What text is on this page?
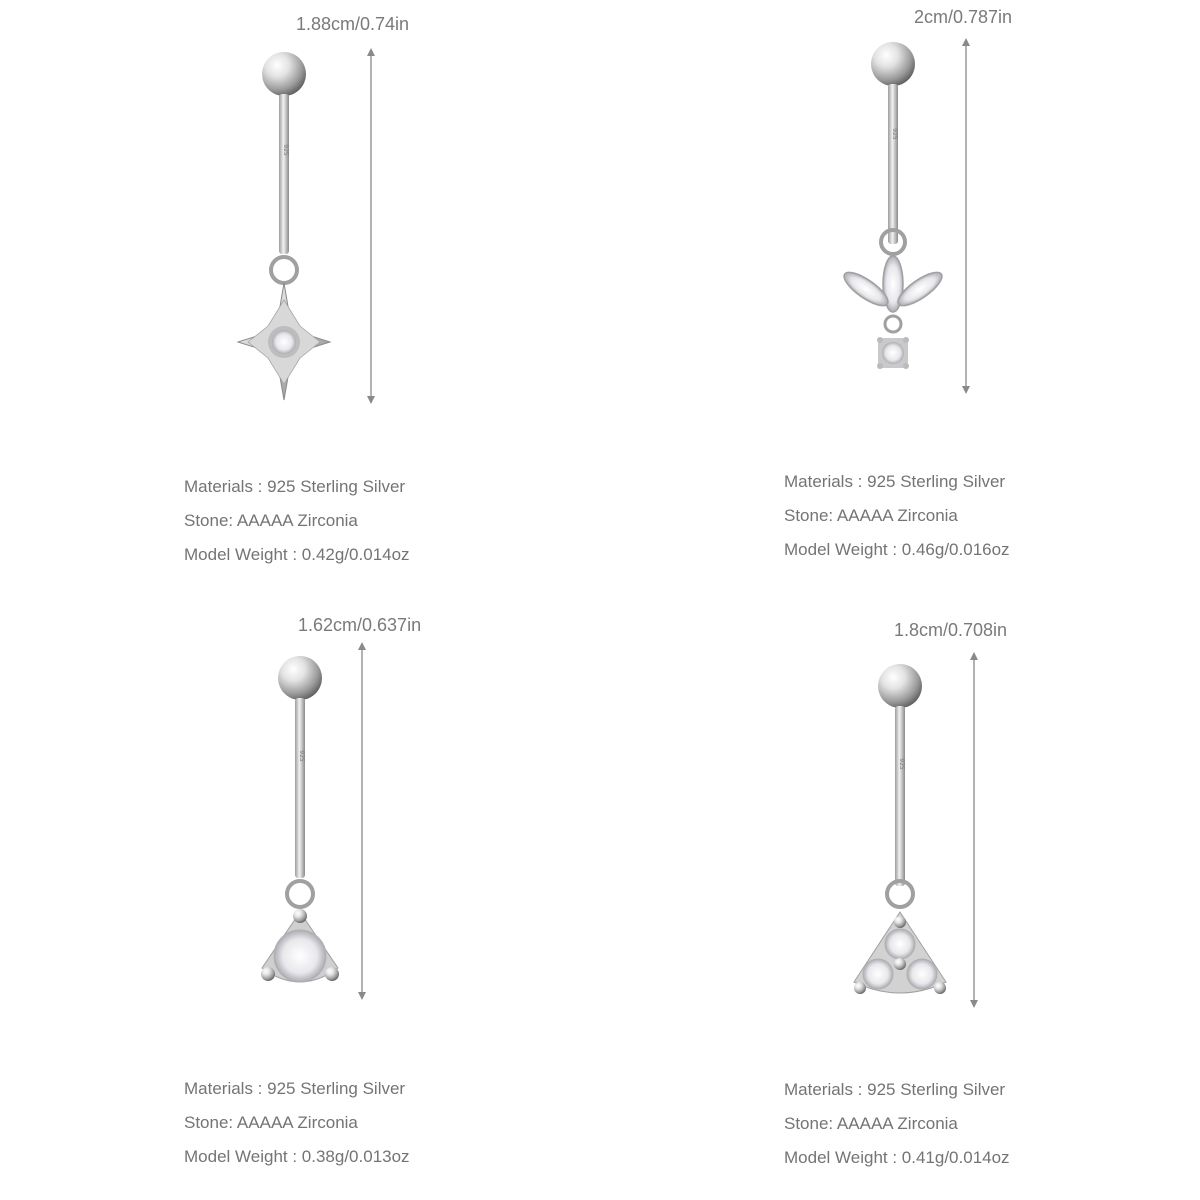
1.88cm/0.74in
925
Materials : 925 Sterling Silver
Stone: AAAAA Zirconia
Model Weight : 0.42g/0.014oz
2cm/0.787in
925
Materials : 925 Sterling Silver
Stone: AAAAA Zirconia
Model Weight : 0.46g/0.016oz
1.62cm/0.637in
925
Materials : 925 Sterling Silver
Stone: AAAAA Zirconia
Model Weight : 0.38g/0.013oz
1.8cm/0.708in
925
Materials : 925 Sterling Silver
Stone: AAAAA Zirconia
Model Weight : 0.41g/0.014oz
